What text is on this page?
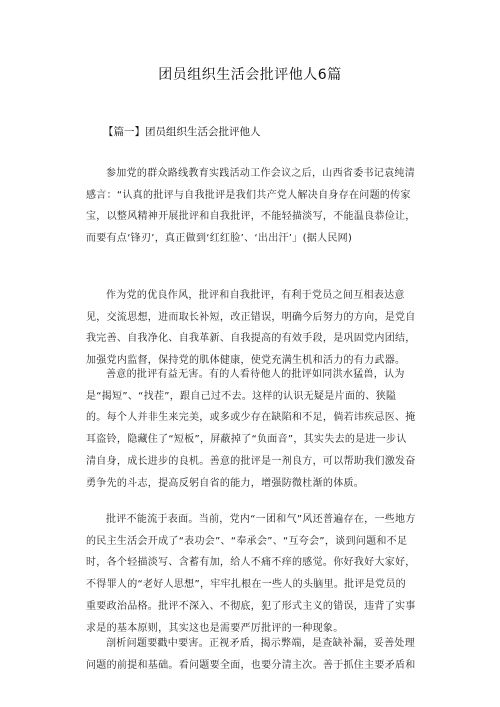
团员组织生活会批评他人6篇
【篇一】团员组织生活会批评他人

参加党的群众路线教育实践活动工作会议之后，山西省委书记袁纯清感言：“认真的批评与自我批评是我们共产党人解决自身存在问题的传家宝，以整风精神开展批评和自我批评，不能轻描淡写，不能温良恭俭让，而要有点‘锋刃’，真正做到‘红红脸’、‘出出汗’」(据人民网)

作为党的优良作风，批评和自我批评，有利于党员之间互相表达意见，交流思想，进而取长补短，改正错误，明确今后努力的方向，是党自我完善、自我净化、自我革新、自我提高的有效手段，是巩固党内团结，加强党内监督，保持党的肌体健康，使党充满生机和活力的有力武器。

善意的批评有益无害。有的人看待他人的批评如同洪水猛兽，认为是“揭短”、“找茬”，跟自己过不去。这样的认识无疑是片面的、狭隘的。每个人并非生来完美，或多或少存在缺陷和不足，倘若讳疾忌医、掩耳盗铃，隐藏住了“短板”，屏蔽掉了“负面音”，其实失去的是进一步认清自身，成长进步的良机。善意的批评是一剂良方，可以帮助我们激发奋勇争先的斗志，提高反躬自省的能力，增强防微杜渐的体质。

批评不能流于表面。当前，党内“一团和气”风还普遍存在，一些地方的民主生活会开成了“表功会”、“奉承会”、“互夸会”，谈到问题和不足时，各个轻描淡写、含蓄有加，给人不痛不痒的感觉。你好我好大家好，不得罪人的“老好人思想”，牢牢扎根在一些人的头脑里。批评是党员的重要政治品格。批评不深入、不彻底，犯了形式主义的错误，违背了实事求是的基本原则，其实这也是需要严厉批评的一种现象。

剖析问题要戳中要害。正视矛盾，揭示弊端，是查缺补漏，妥善处理问题的前提和基础。看问题要全面，也要分清主次。善于抓住主要矛盾和
